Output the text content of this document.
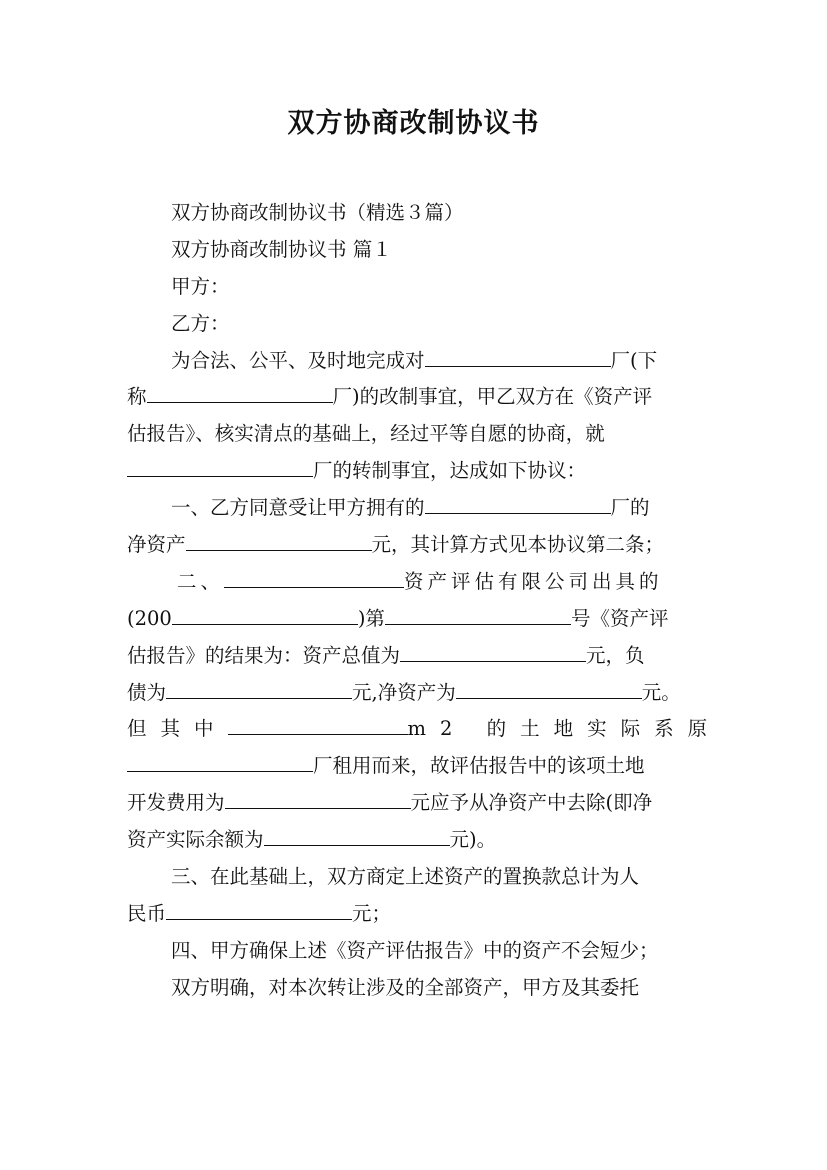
双方协商改制协议书
双方协商改制协议书（精选３篇）
双方协商改制协议书 篇１
甲方：
乙方：
为合法、公平、及时地完成对	厂(下
称	厂)的改制事宜，甲乙双方在《资产评
估报告》、核实清点的基础上，经过平等自愿的协商，就
厂的转制事宜，达成如下协议：
一、乙方同意受让甲方拥有的	厂的
净资产	元，其计算方式见本协议第二条；
二、	资产评估有限公司出具的
(200	)第	号《资产评
估报告》的结果为：资产总值为	元，负
债为	元,净资产为	元。
但其中	m2 的土地实际系原
厂租用而来，故评估报告中的该项土地
开发费用为	元应予从净资产中去除(即净
资产实际余额为	元)。
三、在此基础上，双方商定上述资产的置换款总计为人
民币	元；
四、甲方确保上述《资产评估报告》中的资产不会短少；
双方明确，对本次转让涉及的全部资产，甲方及其委托
